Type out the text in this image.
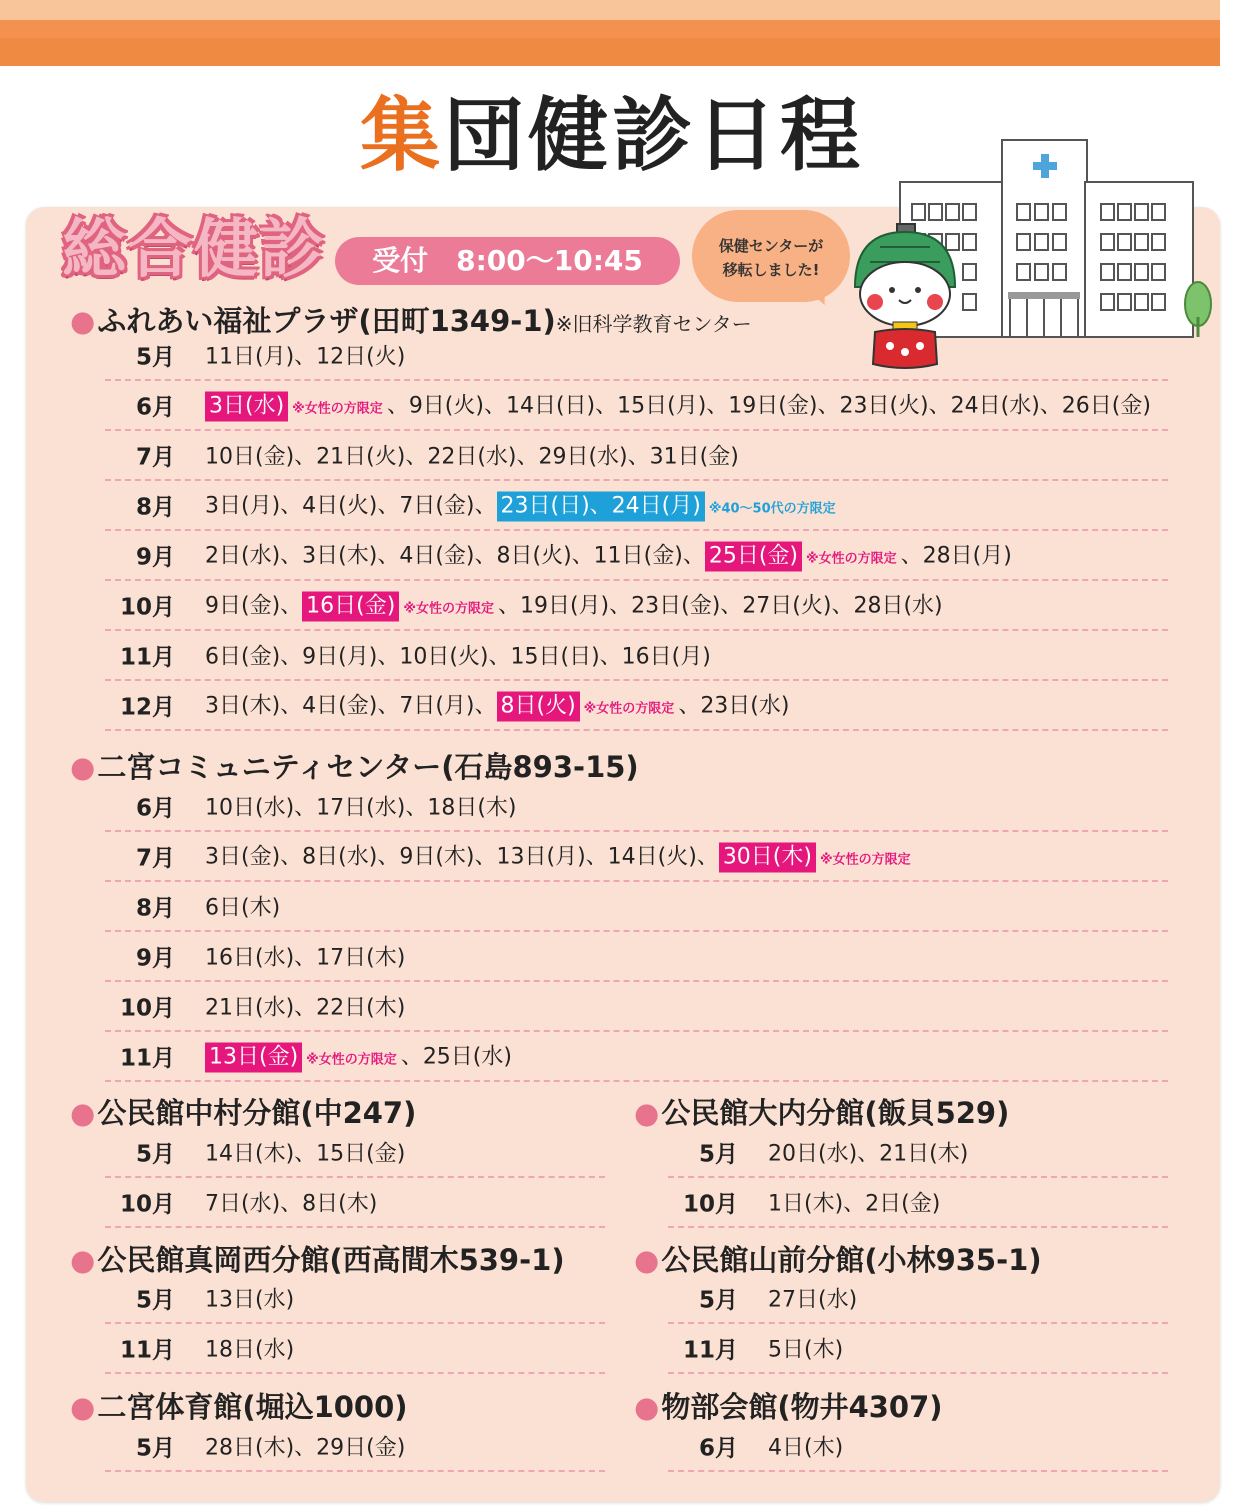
集団健診日程
総合健診	受付　8:00〜10:45	保健センターが
移転しました!
●ふれあい福祉プラザ(田町1349-1)※旧科学教育センター
5月 11日(月)、12日(火)
6月 3日(水) ※女性の方限定 、9日(火)、14日(日)、15日(月)、19日(金)、23日(火)、24日(水)、26日(金)
7月 10日(金)、21日(火)、22日(水)、29日(水)、31日(金)
8月 3日(月)、4日(火)、7日(金)、 23日(日)、24日(月) ※40〜50代の方限定
9月 2日(水)、3日(木)、4日(金)、8日(火)、11日(金)、 25日(金) ※女性の方限定 、28日(月)
10月 9日(金)、 16日(金) ※女性の方限定 、19日(月)、23日(金)、27日(火)、28日(水)
11月 6日(金)、9日(月)、10日(火)、15日(日)、16日(月)
12月 3日(木)、4日(金)、7日(月)、 8日(火) ※女性の方限定 、23日(水)
●二宮コミュニティセンター(石島893-15)
6月 10日(水)、17日(水)、18日(木)
7月 3日(金)、8日(水)、9日(木)、13日(月)、14日(火)、 30日(木) ※女性の方限定
8月 6日(木)
9月 16日(水)、17日(木)
10月 21日(水)、22日(木)
11月 13日(金) ※女性の方限定 、25日(水)
●公民館中村分館(中247)
5月 14日(木)、15日(金)
10月 7日(水)、8日(木)
●公民館大内分館(飯貝529)
5月 20日(水)、21日(木)
10月 1日(木)、2日(金)
●公民館真岡西分館(西高間木539-1)
5月 13日(水)
11月 18日(水)
●公民館山前分館(小林935-1)
5月 27日(水)
11月 5日(木)
●二宮体育館(堀込1000)
5月 28日(木)、29日(金)
●物部会館(物井4307)
6月 4日(木)
